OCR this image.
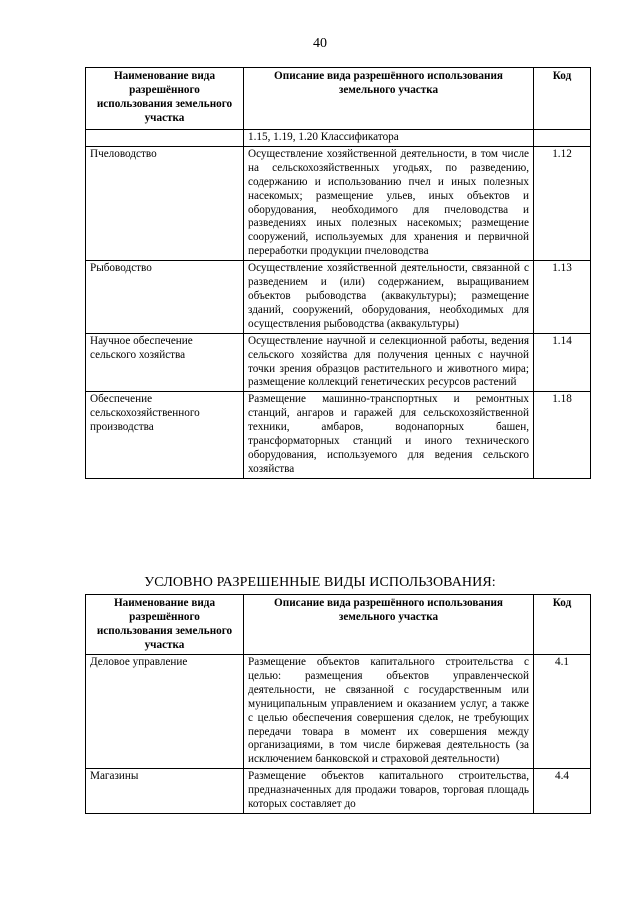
40
Наименование вида разрешённого использования земельного участка	Описание вида разрешённого использования земельного участка	Код
	1.15, 1.19, 1.20 Классификатора	
Пчеловодство	Осуществление хозяйственной деятельности, в том числе на сельскохозяйственных угодьях, по разведению, содержанию и использованию пчел и иных полезных насекомых; размещение ульев, иных объектов и оборудования, необходимого для пчеловодства и разведениях иных полезных насекомых; размещение сооружений, используемых для хранения и первичной переработки продукции пчеловодства	1.12
Рыбоводство	Осуществление хозяйственной деятельности, связанной с разведением и (или) содержанием, выращиванием объектов рыбоводства (аквакультуры); размещение зданий, сооружений, оборудования, необходимых для осуществления рыбоводства (аквакультуры)	1.13
Научное обеспечение сельского хозяйства	Осуществление научной и селекционной работы, ведения сельского хозяйства для получения ценных с научной точки зрения образцов растительного и животного мира; размещение коллекций генетических ресурсов растений	1.14
Обеспечение сельскохозяйственного производства	Размещение машинно-транспортных и ремонтных станций, ангаров и гаражей для сельскохозяйственной техники, амбаров, водонапорных башен, трансформаторных станций и иного технического оборудования, используемого для ведения сельского хозяйства	1.18
УСЛОВНО РАЗРЕШЕННЫЕ ВИДЫ ИСПОЛЬЗОВАНИЯ:
Наименование вида разрешённого использования земельного участка	Описание вида разрешённого использования земельного участка	Код
Деловое управление	Размещение объектов капитального строительства с целью: размещения объектов управленческой деятельности, не связанной с государственным или муниципальным управлением и оказанием услуг, а также с целью обеспечения совершения сделок, не требующих передачи товара в момент их совершения между организациями, в том числе биржевая деятельность (за исключением банковской и страховой деятельности)	4.1
Магазины	Размещение объектов капитального строительства, предназначенных для продажи товаров, торговая площадь которых составляет до	4.4
